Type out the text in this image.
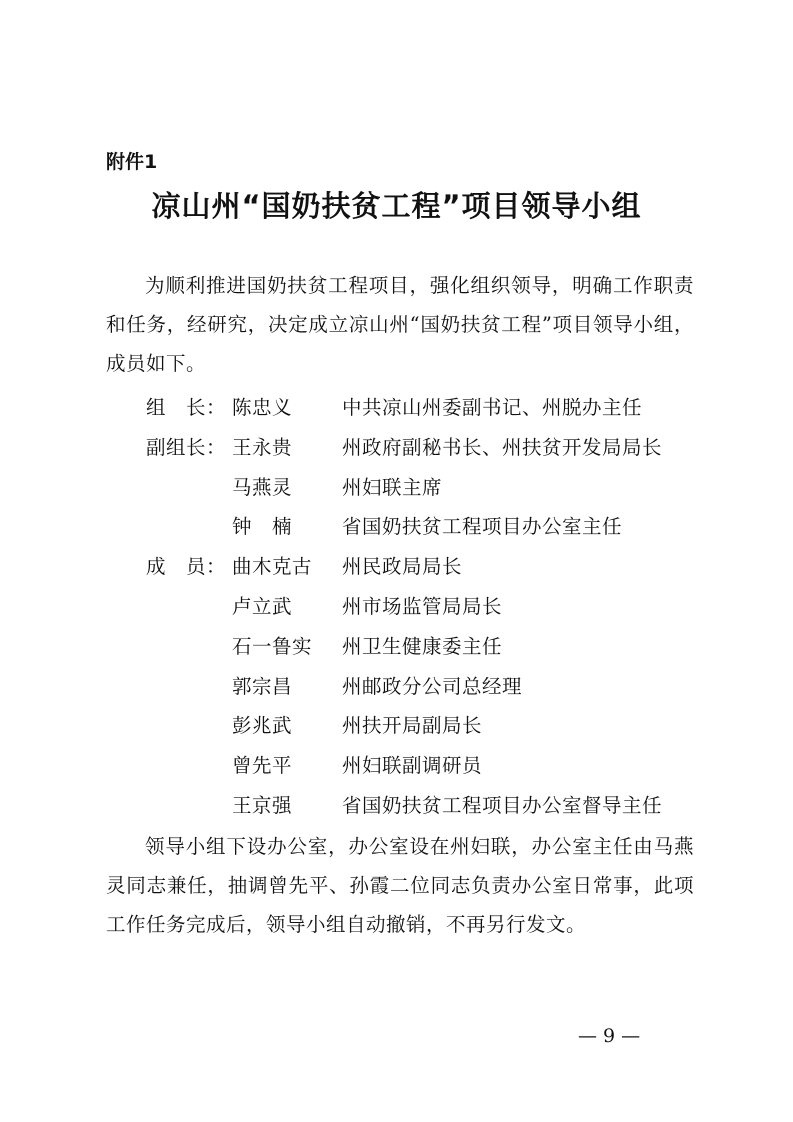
附件1
凉山州“国奶扶贫工程”项目领导小组
为顺利推进国奶扶贫工程项目，强化组织领导，明确工作职责和任务，经研究，决定成立凉山州“国奶扶贫工程”项目领导小组，成员如下。
组　长： 陈忠义	中共凉山州委副书记、州脱办主任
副组长： 王永贵	州政府副秘书长、州扶贫开发局局长
马燕灵	州妇联主席
钟　楠	省国奶扶贫工程项目办公室主任
成　员： 曲木克古	州民政局局长
卢立武	州市场监管局局长
石一鲁实	州卫生健康委主任
郭宗昌	州邮政分公司总经理
彭兆武	州扶开局副局长
曾先平	州妇联副调研员
王京强	省国奶扶贫工程项目办公室督导主任
领导小组下设办公室，办公室设在州妇联，办公室主任由马燕灵同志兼任，抽调曾先平、孙霞二位同志负责办公室日常事，此项工作任务完成后，领导小组自动撤销，不再另行发文。
— 9 —
